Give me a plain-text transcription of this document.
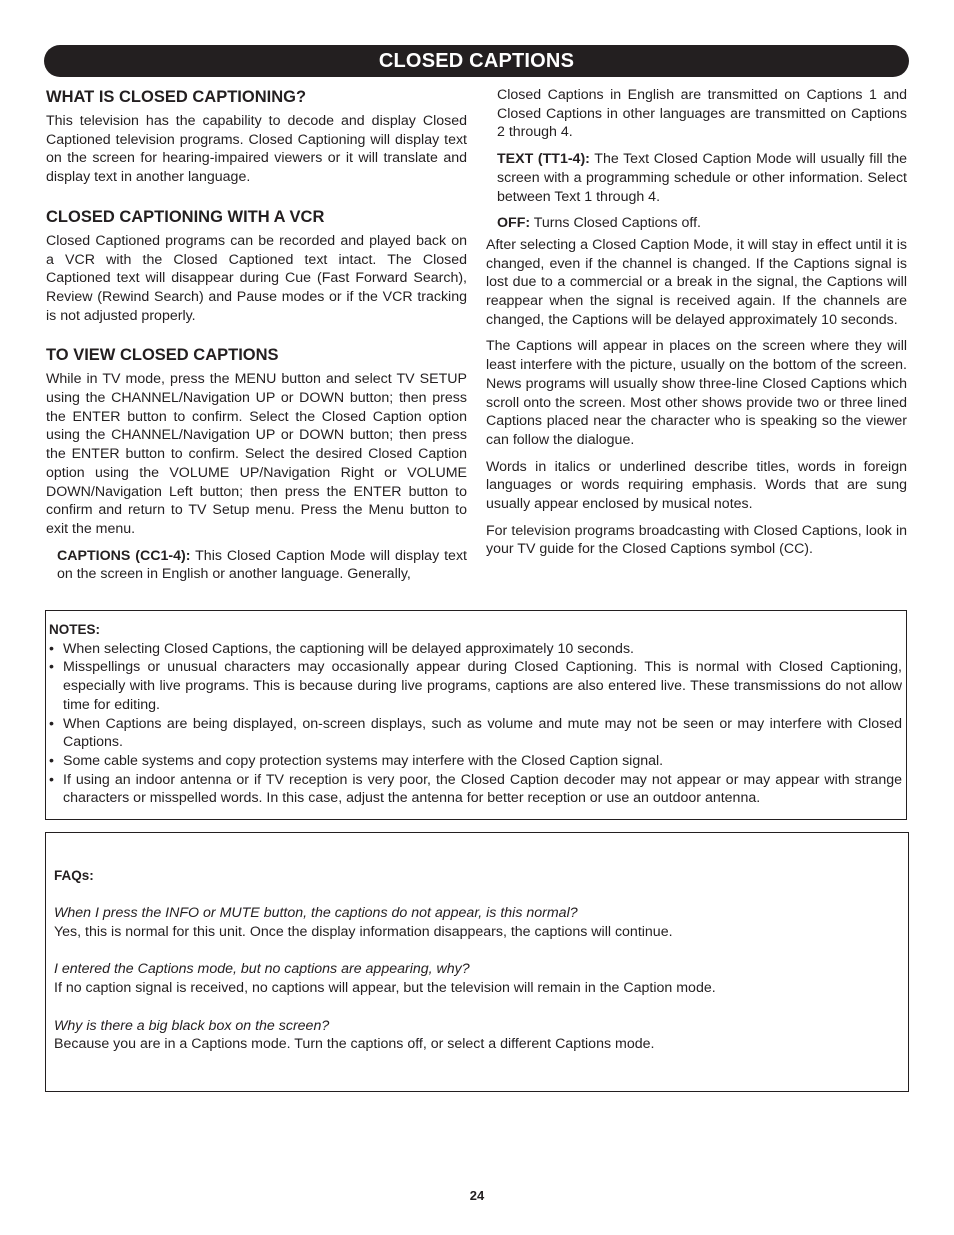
CLOSED CAPTIONS
WHAT IS CLOSED CAPTIONING?

This television has the capability to decode and display Closed Captioned television programs. Closed Captioning will display text on the screen for hearing-impaired viewers or it will translate and display text in another language.

CLOSED CAPTIONING WITH A VCR

Closed Captioned programs can be recorded and played back on a VCR with the Closed Captioned text intact. The Closed Captioned text will disappear during Cue (Fast Forward Search), Review (Rewind Search) and Pause modes or if the VCR tracking is not adjusted properly.

TO VIEW CLOSED CAPTIONS

While in TV mode, press the MENU button and select TV SETUP using the CHANNEL/Navigation UP or DOWN button; then press the ENTER button to confirm. Select the Closed Caption option using the CHANNEL/Navigation UP or DOWN button; then press the ENTER button to confirm. Select the desired Closed Caption option using the VOLUME UP/Navigation Right or VOLUME DOWN/Navigation Left button; then press the ENTER button to confirm and return to TV Setup menu. Press the Menu button to exit the menu.

CAPTIONS (CC1-4): This Closed Caption Mode will display text on the screen in English or another language. Generally,

Closed Captions in English are transmitted on Captions 1 and Closed Captions in other languages are transmitted on Captions 2 through 4.

TEXT (TT1-4): The Text Closed Caption Mode will usually fill the screen with a programming schedule or other information. Select between Text 1 through 4.

OFF: Turns Closed Captions off.

After selecting a Closed Caption Mode, it will stay in effect until it is changed, even if the channel is changed. If the Captions signal is lost due to a commercial or a break in the signal, the Captions will reappear when the signal is received again. If the channels are changed, the Captions will be delayed approximately 10 seconds.

The Captions will appear in places on the screen where they will least interfere with the picture, usually on the bottom of the screen. News programs will usually show three-line Closed Captions which scroll onto the screen. Most other shows provide two or three lined Captions placed near the character who is speaking so the viewer can follow the dialogue.

Words in italics or underlined describe titles, words in foreign languages or words requiring emphasis. Words that are sung usually appear enclosed by musical notes.

For television programs broadcasting with Closed Captions, look in your TV guide for the Closed Captions symbol (CC).

NOTES:
• When selecting Closed Captions, the captioning will be delayed approximately 10 seconds.
• Misspellings or unusual characters may occasionally appear during Closed Captioning. This is normal with Closed Captioning, especially with live programs. This is because during live programs, captions are also entered live. These transmissions do not allow time for editing.
• When Captions are being displayed, on-screen displays, such as volume and mute may not be seen or may interfere with Closed Captions.
• Some cable systems and copy protection systems may interfere with the Closed Caption signal.
• If using an indoor antenna or if TV reception is very poor, the Closed Caption decoder may not appear or may appear with strange characters or misspelled words. In this case, adjust the antenna for better reception or use an outdoor antenna.
FAQs:
When I press the INFO or MUTE button, the captions do not appear, is this normal?
Yes, this is normal for this unit. Once the display information disappears, the captions will continue.
I entered the Captions mode, but no captions are appearing, why?
If no caption signal is received, no captions will appear, but the television will remain in the Caption mode.
Why is there a big black box on the screen?
Because you are in a Captions mode. Turn the captions off, or select a different Captions mode.
24
